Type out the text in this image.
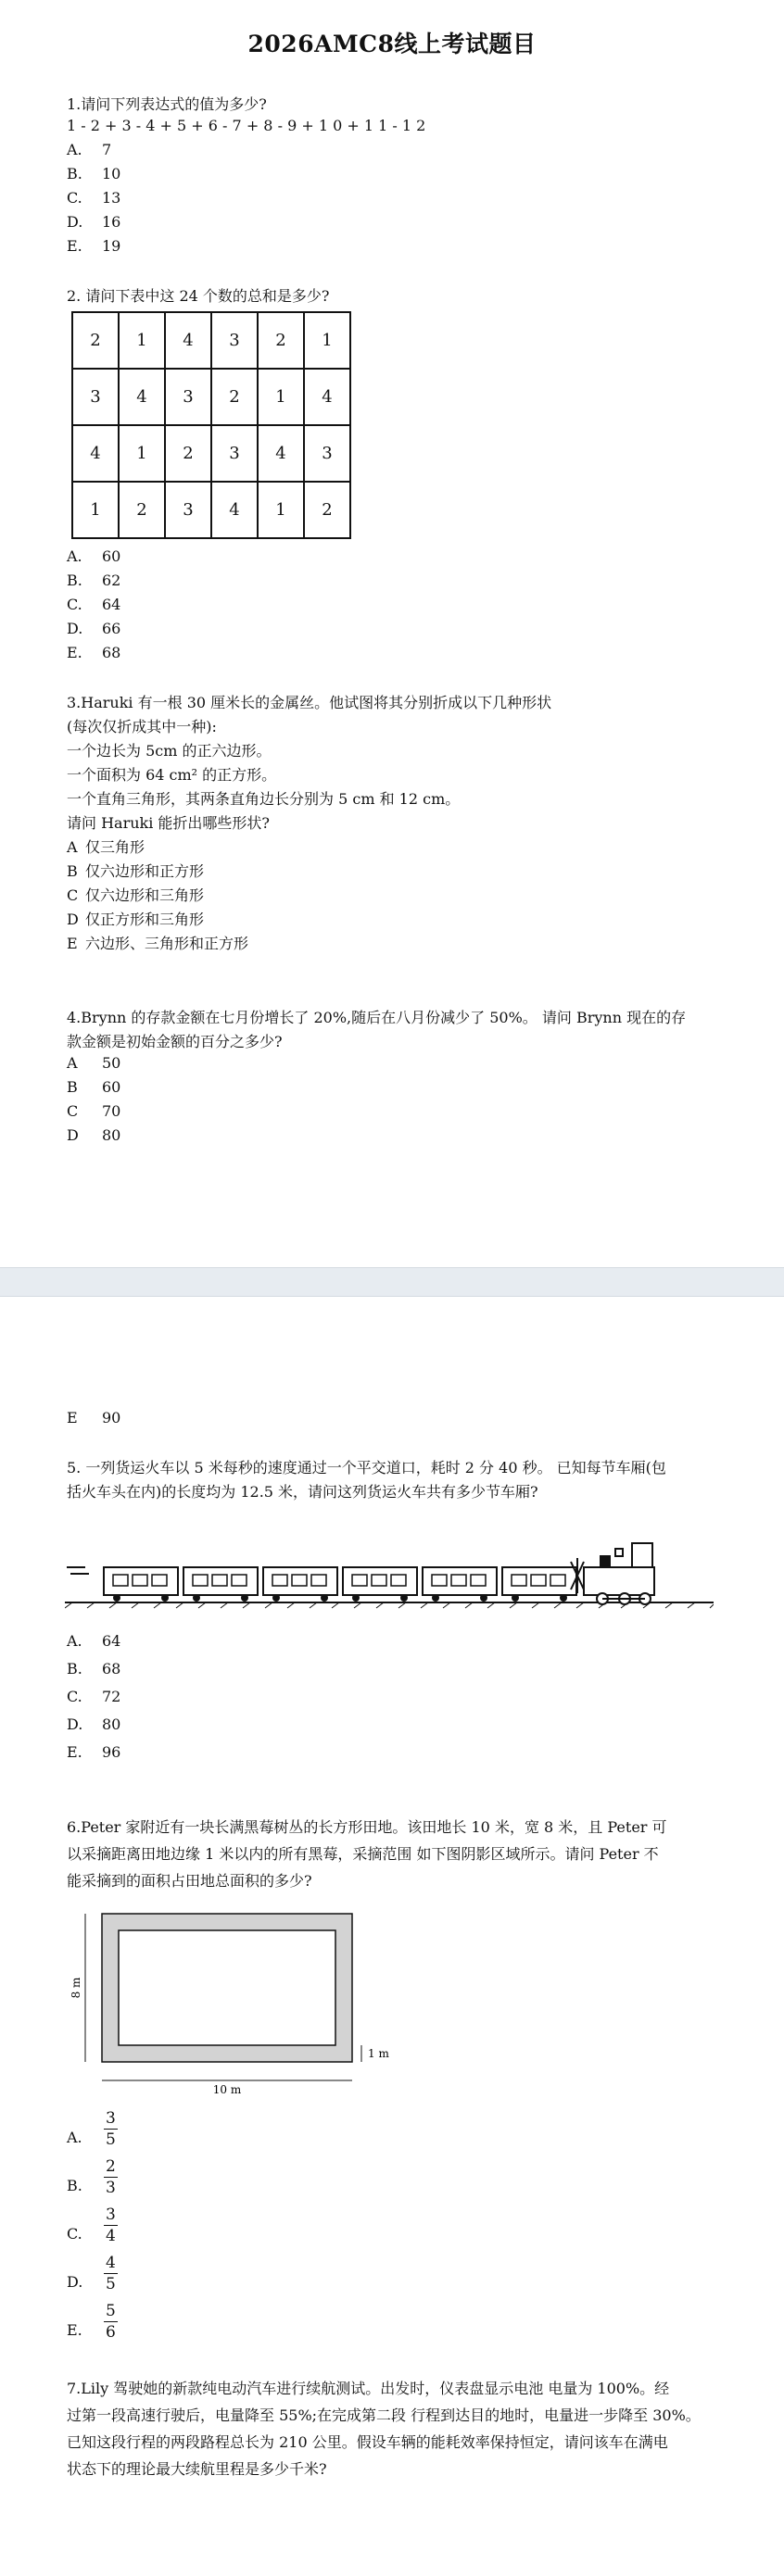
2026AMC8线上考试题目
1.请问下列表达式的值为多少?
1 - 2 + 3 - 4 + 5 + 6 - 7 + 8 - 9 + 1 0 + 1 1 - 1 2
A. 7
B. 10
C. 13
D. 16
E. 19
2. 请问下表中这 24 个数的总和是多少?
2	1	4	3	2	1
3	4	3	2	1	4
4	1	2	3	4	3
1	2	3	4	1	2
A. 60
B. 62
C. 64
D. 66
E. 68
3.Haruki 有一根 30 厘米长的金属丝。他试图将其分别折成以下几种形状
(每次仅折成其中一种):
一个边长为 5cm 的正六边形。
一个面积为 64 cm² 的正方形。
一个直角三角形，其两条直角边长分别为 5 cm 和 12 cm。
请问 Haruki 能折出哪些形状?
A 仅三角形
B 仅六边形和正方形
C 仅六边形和三角形
D 仅正方形和三角形
E 六边形、三角形和正方形
4.Brynn 的存款金额在七月份增长了 20%,随后在八月份减少了 50%。 请问 Brynn 现在的存
款金额是初始金额的百分之多少?
A 50
B 60
C 70
D 80
E 90
5. 一列货运火车以 5 米每秒的速度通过一个平交道口，耗时 2 分 40 秒。 已知每节车厢(包
括火车头在内)的长度均为 12.5 米，请问这列货运火车共有多少节车厢?
A. 64
B. 68
C. 72
D. 80
E. 96
6.Peter 家附近有一块长满黑莓树丛的长方形田地。该田地长 10 米，宽 8 米，且 Peter 可
以采摘距离田地边缘 1 米以内的所有黑莓，采摘范围 如下图阴影区域所示。请问 Peter 不
能采摘到的面积占田地总面积的多少?
8 m
1 m
10 m
A. $\frac{3}{5}$
B. $\frac{2}{3}$
C. $\frac{3}{4}$
D. $\frac{4}{5}$
E. $\frac{5}{6}$
7.Lily 驾驶她的新款纯电动汽车进行续航测试。出发时，仪表盘显示电池 电量为 100%。经
过第一段高速行驶后，电量降至 55%;在完成第二段 行程到达目的地时，电量进一步降至 30%。
已知这段行程的两段路程总长为 210 公里。假设车辆的能耗效率保持恒定，请问该车在满电
状态下的理论最大续航里程是多少千米?
